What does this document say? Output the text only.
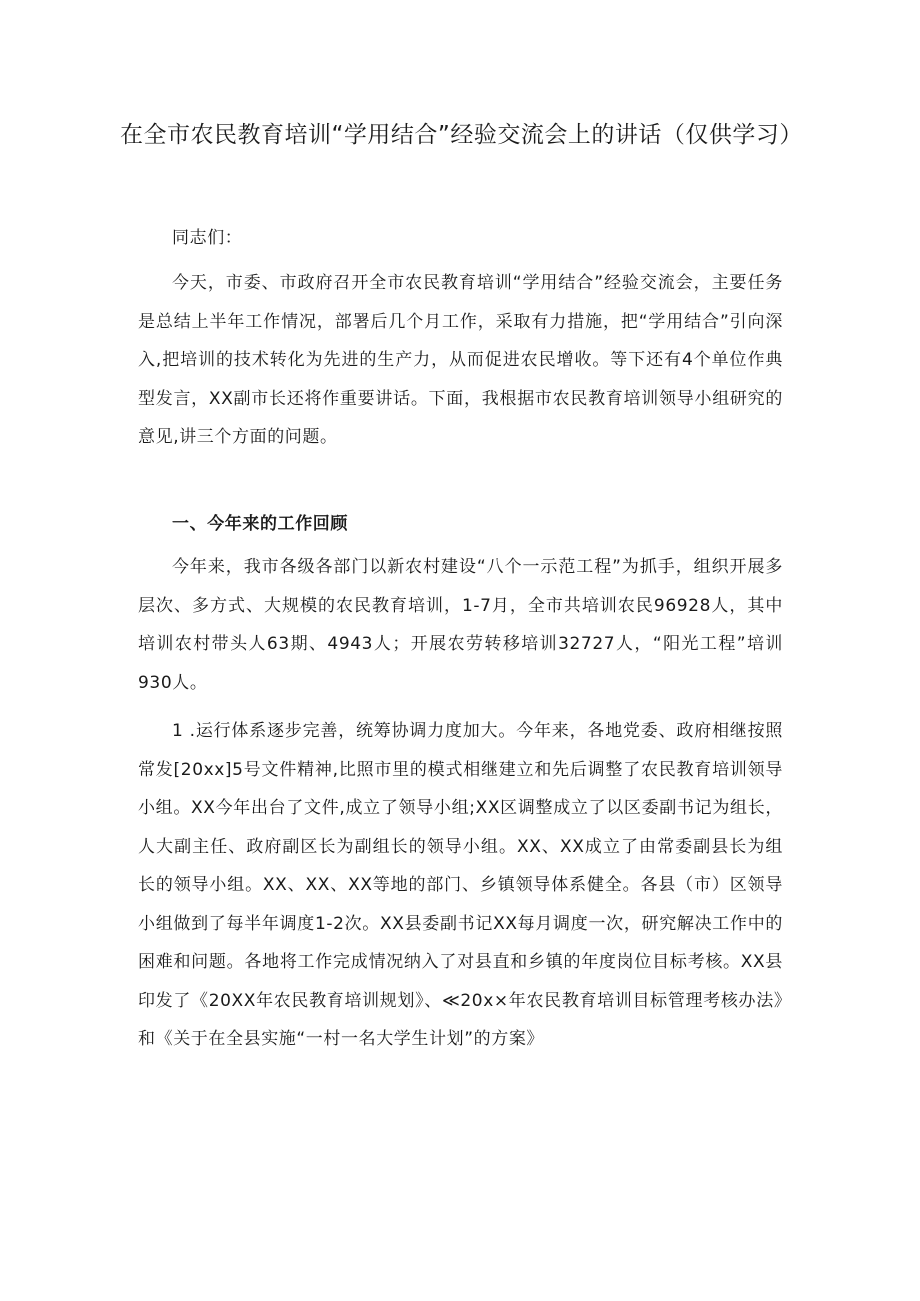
在全市农民教育培训“学用结合”经验交流会上的讲话（仅供学习）

同志们：

今天，市委、市政府召开全市农民教育培训“学用结合”经验交流会，主要任务是总结上半年工作情况，部署后几个月工作，采取有力措施，把“学用结合”引向深入,把培训的技术转化为先进的生产力，从而促进农民增收。等下还有4个单位作典型发言，XX副市长还将作重要讲话。下面，我根据市农民教育培训领导小组研究的意见,讲三个方面的问题。

一、今年来的工作回顾

今年来，我市各级各部门以新农村建设“八个一示范工程”为抓手，组织开展多层次、多方式、大规模的农民教育培训，1-7月，全市共培训农民96928人，其中培训农村带头人63期、4943人；开展农劳转移培训32727人，“阳光工程”培训930人。

1 .运行体系逐步完善，统筹协调力度加大。今年来，各地党委、政府相继按照常发[20xx]5号文件精神,比照市里的模式相继建立和先后调整了农民教育培训领导小组。XX今年出台了文件,成立了领导小组;XX区调整成立了以区委副书记为组长，人大副主任、政府副区长为副组长的领导小组。XX、XX成立了由常委副县长为组长的领导小组。XX、XX、XX等地的部门、乡镇领导体系健全。各县（市）区领导小组做到了每半年调度1-2次。XX县委副书记XX每月调度一次，研究解决工作中的困难和问题。各地将工作完成情况纳入了对县直和乡镇的年度岗位目标考核。XX县印发了《20XX年农民教育培训规划》、≪20x×年农民教育培训目标管理考核办法》和《关于在全县实施“一村一名大学生计划”的方案》
